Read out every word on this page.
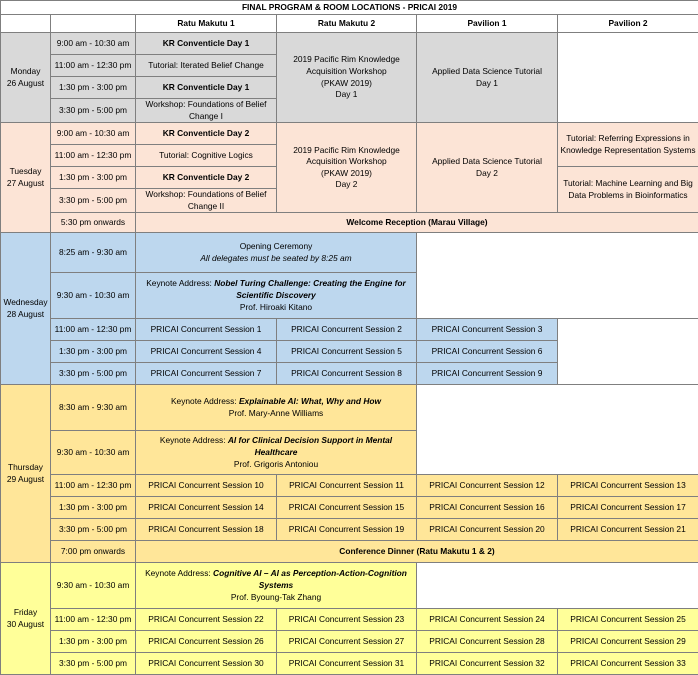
FINAL PROGRAM & ROOM LOCATIONS - PRICAI 2019					
		Ratu Makutu 1	Ratu Makutu 2	Pavilion 1	Pavilion 2

Monday
26 August	9:00 am - 10:30 am	KR Conventicle Day 1	2019 Pacific Rim Knowledge
Acquisition Workshop
(PKAW 2019)
Day 1	Applied Data Science Tutorial
Day 1	

	11:00 am - 12:30 pm	Tutorial: Iterated Belief Change			
	1:30 pm - 3:00 pm	KR Conventicle Day 1			
	3:30 pm - 5:00 pm	Workshop: Foundations of Belief Change I			

Tuesday
27 August	9:00 am - 10:30 am	KR Conventicle Day 2	2019 Pacific Rim Knowledge
Acquisition Workshop
(PKAW 2019)
Day 2	Applied Data Science Tutorial
Day 2	Tutorial: Referring Expressions in Knowledge Representation Systems
	11:00 am - 12:30 pm	Tutorial: Cognitive Logics			
	1:30 pm - 3:00 pm	KR Conventicle Day 2			Tutorial: Machine Learning and Big Data Problems in Bioinformatics
	3:30 pm - 5:00 pm	Workshop: Foundations of Belief Change II			
	5:30 pm onwards	Welcome Reception (Marau Village)			

Wednesday
28 August	8:25 am - 9:30 am	Opening Ceremony
All delegates must be seated by 8:25 am			

	9:30 am - 10:30 am	Keynote Address: Nobel Turing Challenge: Creating the Engine for Scientific Discovery
Prof. Hiroaki Kitano			

	11:00 am - 12:30 pm	PRICAI Concurrent Session 1	PRICAI Concurrent Session 2	PRICAI Concurrent Session 3	
	1:30 pm - 3:00 pm	PRICAI Concurrent Session 4	PRICAI Concurrent Session 5	PRICAI Concurrent Session 6	
	3:30 pm - 5:00 pm	PRICAI Concurrent Session 7	PRICAI Concurrent Session 8	PRICAI Concurrent Session 9	

Thursday
29 August	8:30 am - 9:30 am	Keynote Address: Explainable AI: What, Why and How
Prof. Mary-Anne Williams			

	9:30 am - 10:30 am	Keynote Address: AI for Clinical Decision Support in Mental Healthcare
Prof. Grigoris Antoniou			

	11:00 am - 12:30 pm	PRICAI Concurrent Session 10	PRICAI Concurrent Session 11	PRICAI Concurrent Session 12	PRICAI Concurrent Session 13
	1:30 pm - 3:00 pm	PRICAI Concurrent Session 14	PRICAI Concurrent Session 15	PRICAI Concurrent Session 16	PRICAI Concurrent Session 17
	3:30 pm - 5:00 pm	PRICAI Concurrent Session 18	PRICAI Concurrent Session 19	PRICAI Concurrent Session 20	PRICAI Concurrent Session 21
	7:00 pm onwards	Conference Dinner (Ratu Makutu 1 & 2)			

Friday
30 August	9:30 am - 10:30 am	Keynote Address: Cognitive AI – AI as Perception-Action-Cognition Systems
Prof. Byoung-Tak Zhang			

	11:00 am - 12:30 pm	PRICAI Concurrent Session 22	PRICAI Concurrent Session 23	PRICAI Concurrent Session 24	PRICAI Concurrent Session 25
	1:30 pm - 3:00 pm	PRICAI Concurrent Session 26	PRICAI Concurrent Session 27	PRICAI Concurrent Session 28	PRICAI Concurrent Session 29
	3:30 pm - 5:00 pm	PRICAI Concurrent Session 30	PRICAI Concurrent Session 31	PRICAI Concurrent Session 32	PRICAI Concurrent Session 33
